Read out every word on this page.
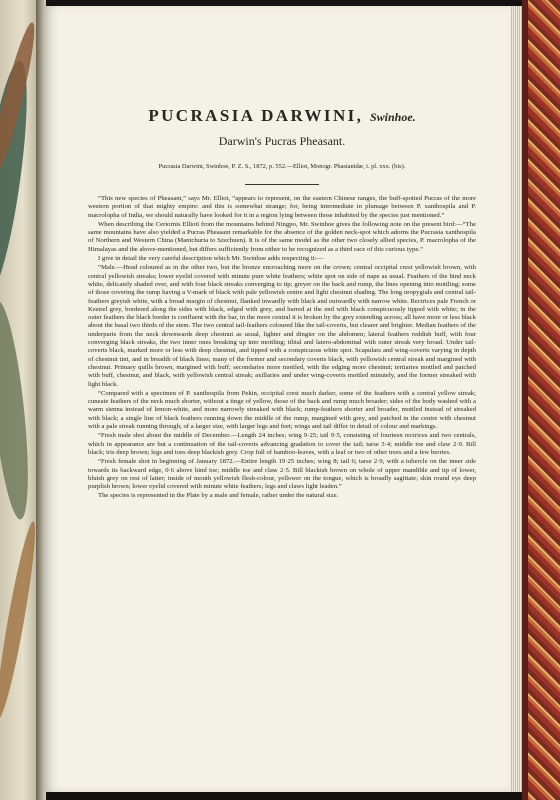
PUCRASIA DARWINI, Swinhoe.
Darwin's Pucras Pheasant.
Pucrasia Darwini, Swinhoe, P. Z. S., 1872, p. 552.—Elliot, Monogr. Phasianidæ, i. pl. xxx. (bis).

“This new species of Pheasant,” says Mr. Elliot, “appears to represent, on the eastern Chinese ranges, the buff-spotted Pucras of the more western portion of that mighty empire: and this is somewhat strange; for, being intermediate in plumage between P. xanthospila and P. macrolopha of India, we should naturally have looked for it in a region lying between those inhabited by the species just mentioned.”

When describing the Ceriornis Ellioti from the mountains behind Ningpo, Mr. Swinhoe gives the following note on the present bird:—“The same mountains have also yielded a Pucras Pheasant remarkable for the absence of the golden neck-spot which adorns the Pucrasia xanthospila of Northern and Western China (Mantchuria to Szechuen). It is of the same model as the other two closely allied species, P. macrolopha of the Himalayas and the above-mentioned, but differs sufficiently from either to be recognized as a third race of this curious type.”

I give in detail the very careful description which Mr. Swinhoe adds respecting it:—

“Male.—Head coloured as in the other two, but the bronze encroaching more on the crown; central occipital crest yellowish brown, with central yellowish streaks; lower eyelid covered with minute pure white feathers; white spot on side of nape as usual. Feathers of the hind neck white, delicately shaded over, and with four black streaks converging to tip; greyer on the back and rump, the lines opening into mottling; some of those covering the rump having a V-mark of black with pale yellowish centre and light chestnut shading. The long uropygials and central tail-feathers greyish white, with a broad margin of chestnut, flanked inwardly with black and outwardly with narrow white. Rectrices pale French or Kestrel grey, bordered along the sides with black, edged with grey, and barred at the end with black conspicuously tipped with white; in the outer feathers the black border is confluent with the bar, in the more central it is broken by the grey extending across; all have more or less black about the basal two thirds of the stem. The two central tail-feathers coloured like the tail-coverts, but clearer and brighter. Median feathers of the underparts from the neck downwards deep chestnut as usual, lighter and dingier on the abdomen; lateral feathers reddish buff, with four converging black streaks, the two inner ones breaking up into mottling; tibial and latero-abdominal with outer streak very broad. Under tail-coverts black, marked more or less with deep chestnut, and tipped with a conspicuous white spot. Scapulars and wing-coverts varying in depth of chestnut tint, and in breadth of black lines; many of the former and secondary coverts black, with yellowish central streak and margined with chestnut. Primary quills brown, margined with buff; secondaries more mottled, with the edging more chestnut; tertiaries mottled and patched with buff, chestnut, and black, with yellowish central streak; axillaries and under wing-coverts mottled minutely, and the former streaked with light black.

“Compared with a specimen of P. xanthospila from Pekin, occipital crest much darker, some of the feathers with a central yellow streak; cuneate feathers of the neck much shorter, without a tinge of yellow, those of the back and rump much broader; sides of the body washed with a warm sienna instead of lemon-white, and more narrowly streaked with black; rump-feathers shorter and broader, mottled instead of streaked with black; a single line of black feathers running down the middle of the rump, margined with grey, and patched in the centre with chestnut with a pale streak running through; of a larger size, with larger legs and feet; wings and tail differ in detail of colour and markings.

“Fresh male shot about the middle of December.—Length 24 inches; wing 9·25; tail 9·5, consisting of fourteen rectrices and two centrals, which in appearance are but a continuation of the tail-coverts advancing gradation to cover the tail; tarse 3·4; middle toe and claw 2·9. Bill black; iris deep brown; legs and toes deep blackish grey. Crop full of bamboo-leaves, with a leaf or two of other trees and a few berries.

“Fresh female shot in beginning of January 1872.—Entire length 19·25 inches; wing 8; tail 6; tarse 2·9, with a tubercle on the inner side towards its backward edge, 0·6 above hind toe; middle toe and claw 2·5. Bill blackish brown on whole of upper mandible and tip of lower, bluish grey on rest of latter; inside of mouth yellowish flesh-colour, yellower on the tongue, which is broadly sagittate; skin round eye deep purplish brown; lower eyelid covered with minute white feathers; legs and claws light leaden.”

The species is represented in the Plate by a male and female, rather under the natural size.
